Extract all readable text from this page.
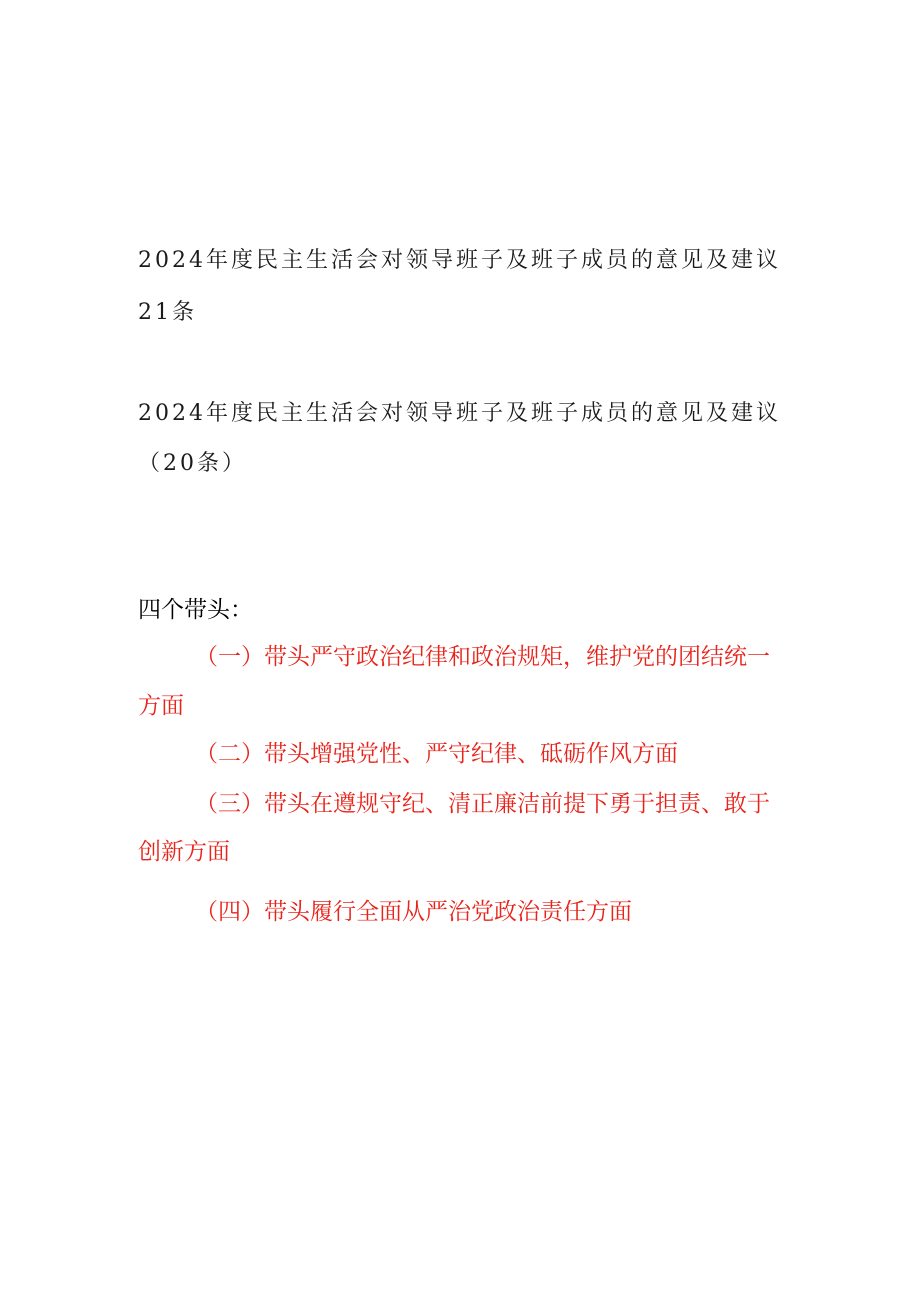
2024年度民主生活会对领导班子及班子成员的意见及建议
21条
2024年度民主生活会对领导班子及班子成员的意见及建议
（20条）
四个带头：
（一）带头严守政治纪律和政治规矩，维护党的团结统一
方面
（二）带头增强党性、严守纪律、砥砺作风方面
（三）带头在遵规守纪、清正廉洁前提下勇于担责、敢于
创新方面
（四）带头履行全面从严治党政治责任方面
